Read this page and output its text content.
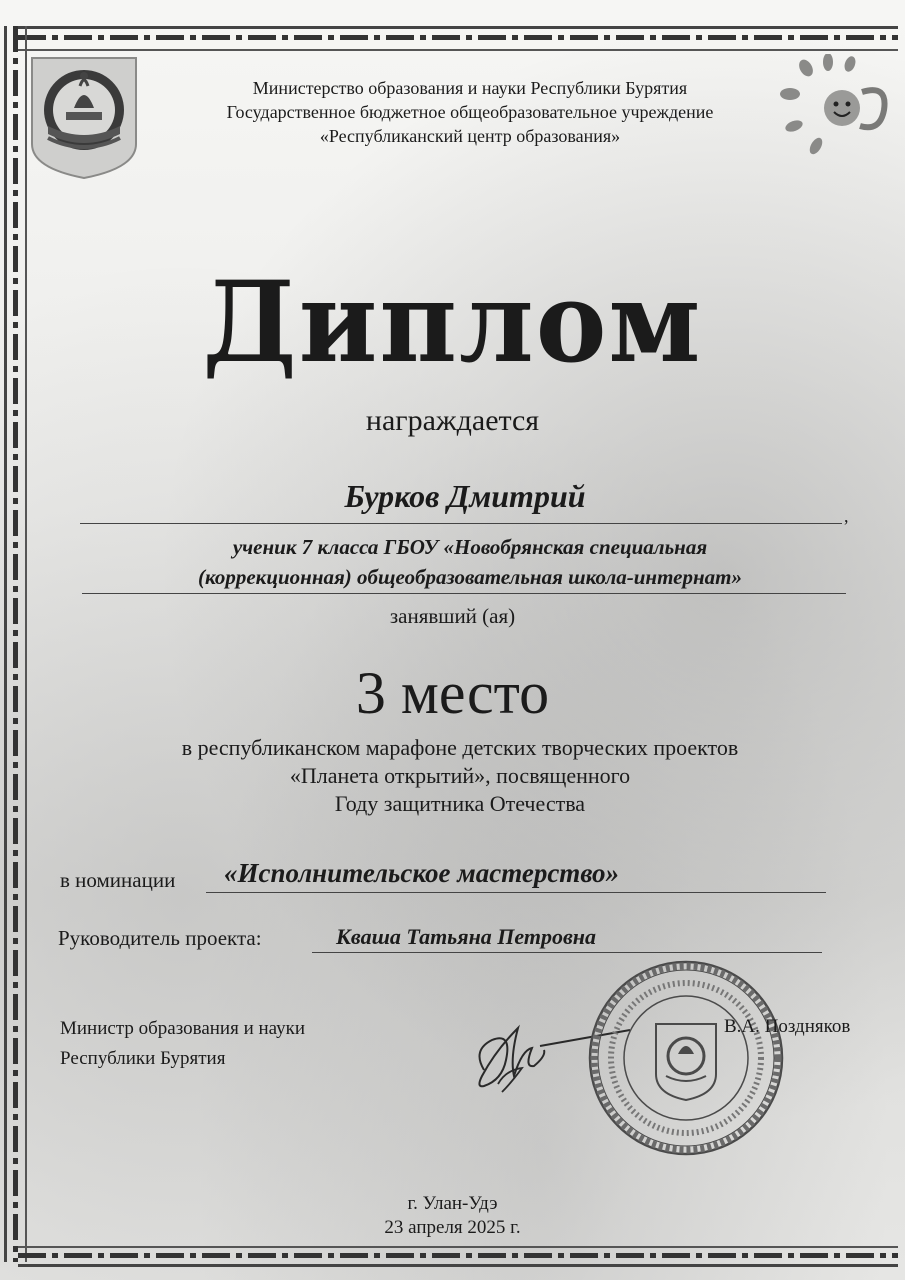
Министерство образования и науки Республики Бурятия
Государственное бюджетное общеобразовательное учреждение
«Республиканский центр образования»
Диплом
награждается
Бурков Дмитрий
,
ученик 7 класса ГБОУ «Новобрянская специальная
(коррекционная) общеобразовательная школа-интернат»
занявший (ая)
3 место
в республиканском марафоне детских творческих проектов
«Планета открытий», посвященного
Году защитника Отечества
в номинации	«Исполнительское мастерство»
Руководитель проекта:	Кваша Татьяна Петровна
Министр образования и науки
Республики Бурятия
В.А. Поздняков
г. Улан-Удэ
23 апреля 2025 г.
